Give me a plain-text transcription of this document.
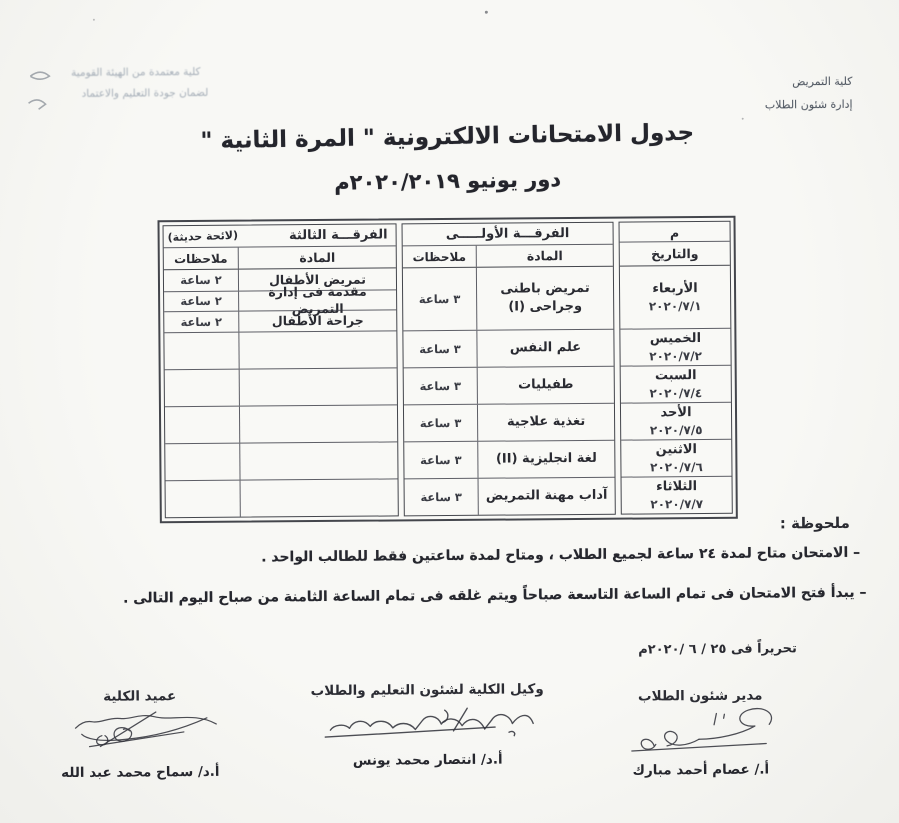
كلية معتمدة من الهيئة القومية
لضمان جودة التعليم والاعتماد
كلية التمريض
إدارة شئون الطلاب
جدول الامتحانات الالكترونية " المرة الثانية "
دور يونيو ٢٠١٩‏/‏٢٠٢٠م
م
والتاريخ
الأربعاء
٢٠٢٠/٧/١
الخميس
٢٠٢٠/٧/٢
السبت
٢٠٢٠/٧/٤
الأحد
٢٠٢٠/٧/٥
الاثنين
٢٠٢٠/٧/٦
الثلاثاء
٢٠٢٠/٧/٧
الفرقـــة الأولـــــى
المادة
ملاحظات
تمريض باطنى وجراحى (I)
٣ ساعة
علم النفس
٣ ساعة
طفيليات
٣ ساعة
تغذية علاجية
٣ ساعة
لغة انجليزية (II)
٣ ساعة
آداب مهنة التمريض
٣ ساعة
الفرقـــة الثالثة
(لائحة حديثة)
المادة
ملاحظات
تمريض الأطفال
٢ ساعة
مقدمة فى إدارة التمريض
٢ ساعة
جراحة الأطفال
٢ ساعة
ملحوظة :
– الامتحان متاح لمدة ٢٤ ساعة لجميع الطلاب ، ومتاح لمدة ساعتين فقط للطالب الواحد .
– يبدأ فتح الامتحان فى تمام الساعة التاسعة صباحاً ويتم غلقه فى تمام الساعة الثامنة من صباح اليوم التالى .
تحريراً فى ٢٥ / ٦ /٢٠٢٠م
مدير شئون الطلاب
أ./ عصام أحمد مبارك
وكيل الكلية لشئون التعليم والطلاب
أ.د/ انتصار محمد يونس
عميد الكلية
أ.د/ سماح محمد عبد الله
